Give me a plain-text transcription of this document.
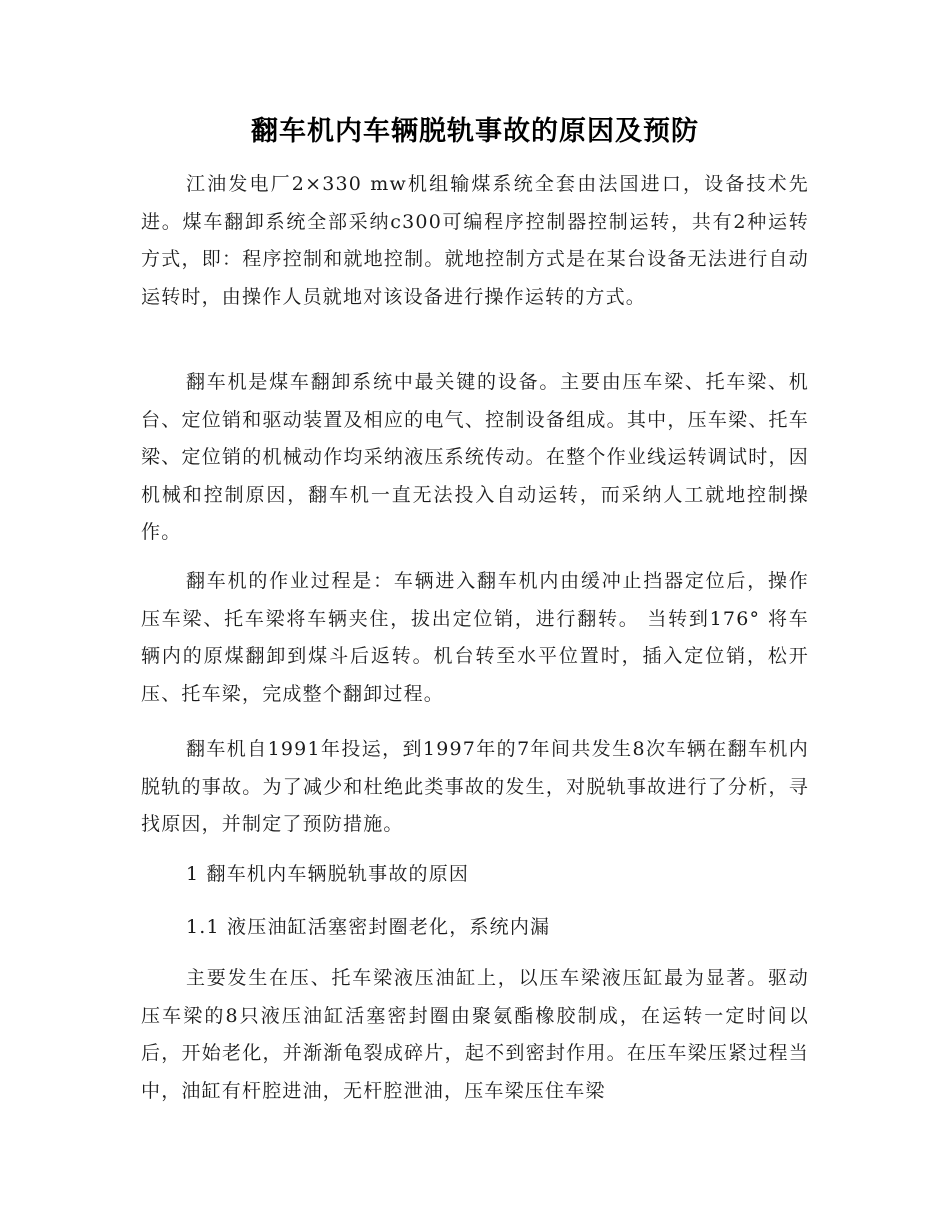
翻车机内车辆脱轨事故的原因及预防

江油发电厂2×330 mw机组输煤系统全套由法国进口，设备技术先进。煤车翻卸系统全部采纳c300可编程序控制器控制运转，共有2种运转方式，即：程序控制和就地控制。就地控制方式是在某台设备无法进行自动运转时，由操作人员就地对该设备进行操作运转的方式。

翻车机是煤车翻卸系统中最关键的设备。主要由压车梁、托车梁、机台、定位销和驱动装置及相应的电气、控制设备组成。其中，压车梁、托车梁、定位销的机械动作均采纳液压系统传动。在整个作业线运转调试时，因机械和控制原因，翻车机一直无法投入自动运转，而采纳人工就地控制操作。

翻车机的作业过程是：车辆进入翻车机内由缓冲止挡器定位后，操作压车梁、托车梁将车辆夹住，拔出定位销，进行翻转。 当转到176° 将车辆内的原煤翻卸到煤斗后返转。机台转至水平位置时，插入定位销，松开压、托车梁，完成整个翻卸过程。

翻车机自1991年投运，到1997年的7年间共发生8次车辆在翻车机内脱轨的事故。为了减少和杜绝此类事故的发生，对脱轨事故进行了分析，寻找原因，并制定了预防措施。

1 翻车机内车辆脱轨事故的原因

1.1 液压油缸活塞密封圈老化，系统内漏

主要发生在压、托车梁液压油缸上，以压车梁液压缸最为显著。驱动压车梁的8只液压油缸活塞密封圈由聚氨酯橡胶制成，在运转一定时间以后，开始老化，并渐渐龟裂成碎片，起不到密封作用。在压车梁压紧过程当中，油缸有杆腔进油，无杆腔泄油，压车梁压住车梁
